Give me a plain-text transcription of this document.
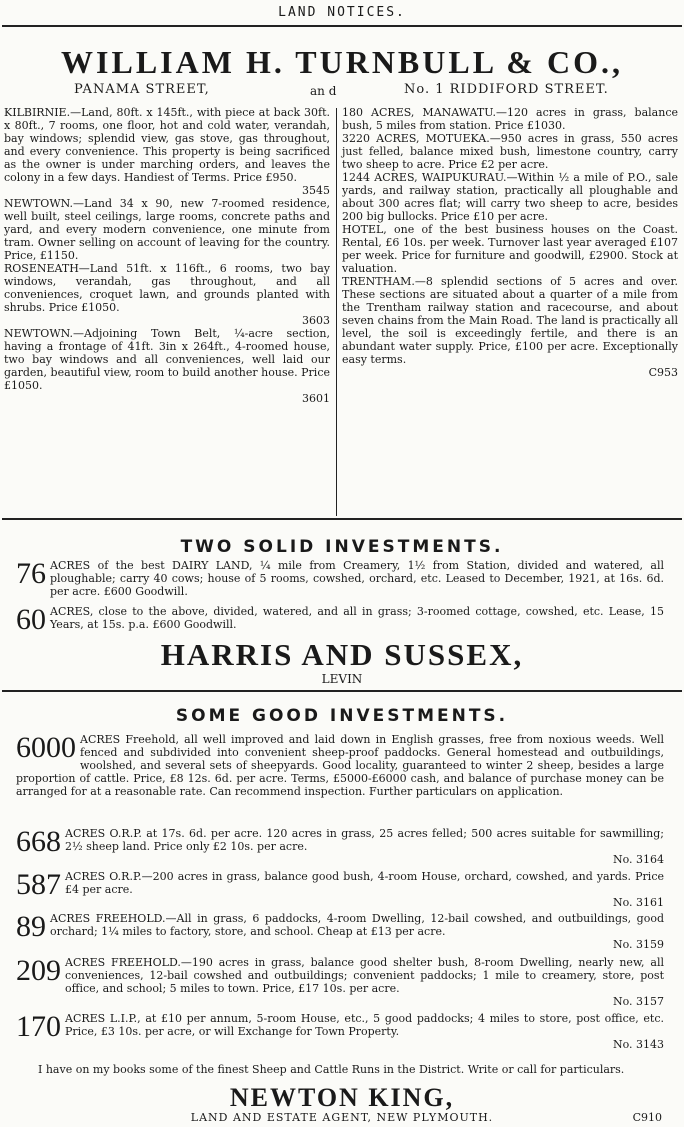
LAND NOTICES.
WILLIAM H. TURNBULL & CO.,
PANAMA STREET,	an d	No. 1 RIDDIFORD STREET.
KILBIRNIE.—Land, 80ft. x 145ft., with piece at back 30ft. x 80ft., 7 rooms, one floor, hot and cold water, verandah, bay windows; splendid view, gas stove, gas throughout, and every convenience. This property is being sacrificed as the owner is under marching orders, and leaves the colony in a few days. Handiest of Terms. Price £950.
3545
NEWTOWN.—Land 34 x 90, new 7-roomed residence, well built, steel ceilings, large rooms, concrete paths and yard, and every modern convenience, one minute from tram. Owner selling on account of leaving for the country. Price, £1150.
ROSENEATH—Land 51ft. x 116ft., 6 rooms, two bay windows, verandah, gas throughout, and all conveniences, croquet lawn, and grounds planted with shrubs. Price £1050.
3603
NEWTOWN.—Adjoining Town Belt, ¼-acre section, having a frontage of 41ft. 3in x 264ft., 4-roomed house, two bay windows and all conveniences, well laid our garden, beautiful view, room to build another house. Price £1050.
3601
180 ACRES, MANAWATU.—120 acres in grass, balance bush, 5 miles from station. Price £1030.
3220 ACRES, MOTUEKA.—950 acres in grass, 550 acres just felled, balance mixed bush, limestone country, carry two sheep to acre. Price £2 per acre.
1244 ACRES, WAIPUKURAU.—Within ½ a mile of P.O., sale yards, and railway station, practically all ploughable and about 300 acres flat; will carry two sheep to acre, besides 200 big bullocks. Price £10 per acre.
HOTEL, one of the best business houses on the Coast. Rental, £6 10s. per week. Turnover last year averaged £107 per week. Price for furniture and goodwill, £2900. Stock at valuation.
TRENTHAM.—8 splendid sections of 5 acres and over. These sections are situated about a quarter of a mile from the Trentham railway station and racecourse, and about seven chains from the Main Road. The land is practically all level, the soil is exceedingly fertile, and there is an abundant water supply. Price, £100 per acre. Exceptionally easy terms.
C953
TWO SOLID INVESTMENTS.
76 ACRES of the best DAIRY LAND, ¼ mile from Creamery, 1½ from Station, divided and watered, all ploughable; carry 40 cows; house of 5 rooms, cowshed, orchard, etc. Leased to December, 1921, at 16s. 6d. per acre. £600 Goodwill.

60 ACRES, close to the above, divided, watered, and all in grass; 3-roomed cottage, cowshed, etc. Lease, 15 Years, at 15s. p.a. £600 Goodwill.

HARRIS AND SUSSEX,
LEVIN
SOME GOOD INVESTMENTS.
6000 ACRES Freehold, all well improved and laid down in English grasses, free from noxious weeds. Well fenced and subdivided into convenient sheep-proof paddocks. General homestead and outbuildings, woolshed, and several sets of sheepyards. Good locality, guaranteed to winter 2 sheep, besides a large proportion of cattle. Price, £8 12s. 6d. per acre. Terms, £5000-£6000 cash, and balance of purchase money can be arranged for at a reasonable rate. Can recommend inspection. Further particulars on application.

668 ACRES O.R.P. at 17s. 6d. per acre. 120 acres in grass, 25 acres felled; 500 acres suitable for sawmilling; 2½ sheep land. Price only £2 10s. per acre.

No. 3164
587 ACRES O.R.P.—200 acres in grass, balance good bush, 4-room House, orchard, cowshed, and yards. Price £4 per acre.

No. 3161
89 ACRES FREEHOLD.—All in grass, 6 paddocks, 4-room Dwelling, 12-bail cowshed, and outbuildings, good orchard; 1¼ miles to factory, store, and school. Cheap at £13 per acre.

No. 3159
209 ACRES FREEHOLD.—190 acres in grass, balance good shelter bush, 8-room Dwelling, nearly new, all conveniences, 12-bail cowshed and outbuildings; convenient paddocks; 1 mile to creamery, store, post office, and school; 5 miles to town. Price, £17 10s. per acre.

No. 3157
170 ACRES L.I.P., at £10 per annum, 5-room House, etc., 5 good paddocks; 4 miles to store, post office, etc. Price, £3 10s. per acre, or will Exchange for Town Property.

No. 3143
I have on my books some of the finest Sheep and Cattle Runs in the District. Write or call for particulars.
NEWTON KING,
LAND AND ESTATE AGENT, NEW PLYMOUTH.	C910
